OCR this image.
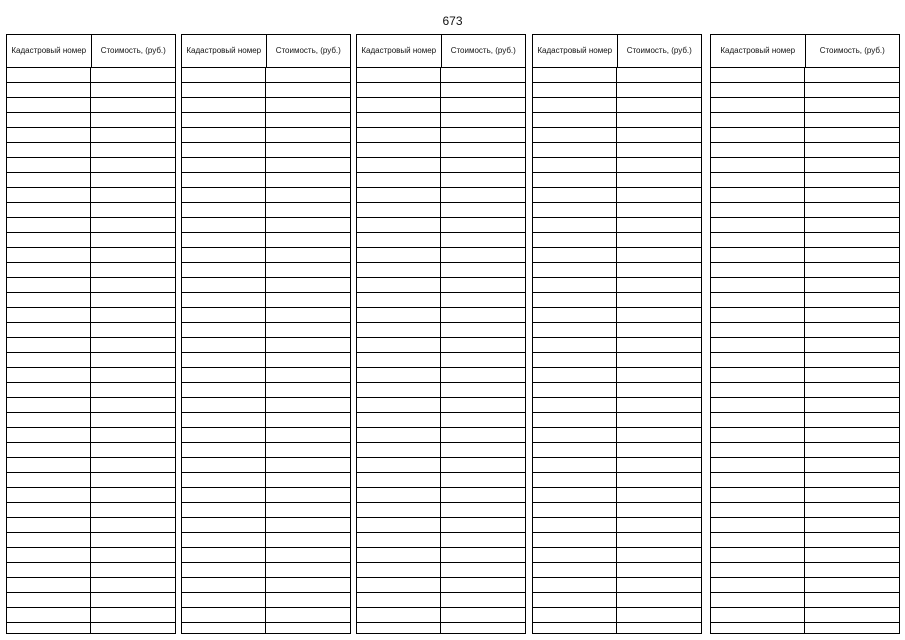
673
Кадастровый номер	Стоимость, (руб.)	Кадастровый номер	Стоимость, (руб.)	Кадастровый номер	Стоимость, (руб.)	Кадастровый номер	Стоимость, (руб.)	Кадастровый номер	Стоимость, (руб.)
